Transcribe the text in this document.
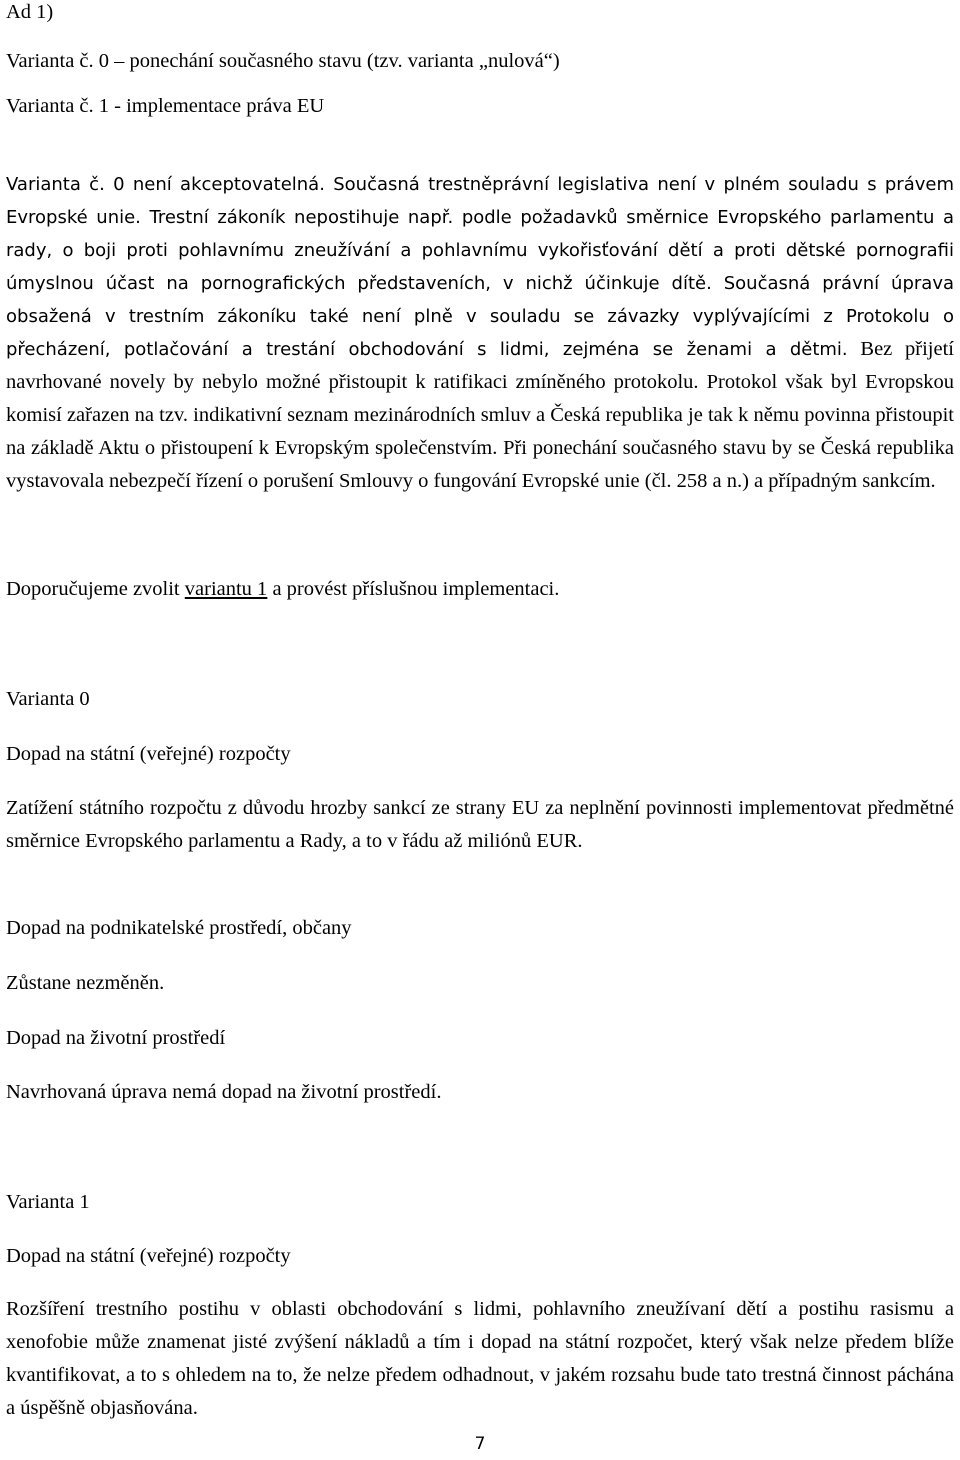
Ad 1)

Varianta č. 0 – ponechání současného stavu (tzv. varianta „nulová“)

Varianta č. 1 - implementace práva EU

Varianta č. 0 není akceptovatelná. Současná trestněprávní legislativa není v plném souladu s právem Evropské unie. Trestní zákoník nepostihuje např. podle požadavků směrnice Evropského parlamentu a rady, o boji proti pohlavnímu zneužívání a pohlavnímu vykořisťování dětí a proti dětské pornografii úmyslnou účast na pornografických představeních, v nichž účinkuje dítě. Současná právní úprava obsažená v trestním zákoníku také není plně v souladu se závazky vyplývajícími z Protokolu o přecházení, potlačování a trestání obchodování s lidmi, zejména se ženami a dětmi. Bez přijetí navrhované novely by nebylo možné přistoupit k ratifikaci zmíněného protokolu. Protokol však byl Evropskou komisí zařazen na tzv. indikativní seznam mezinárodních smluv a Česká republika je tak k němu povinna přistoupit na základě Aktu o přistoupení k Evropským společenstvím. Při ponechání současného stavu by se Česká republika vystavovala nebezpečí řízení o porušení Smlouvy o fungování Evropské unie (čl. 258 a n.) a případným sankcím.

Doporučujeme zvolit variantu 1 a provést příslušnou implementaci.

Varianta 0

Dopad na státní (veřejné) rozpočty

Zatížení státního rozpočtu z důvodu hrozby sankcí ze strany EU za neplnění povinnosti implementovat předmětné směrnice Evropského parlamentu a Rady, a to v řádu až miliónů EUR.

Dopad na podnikatelské prostředí, občany

Zůstane nezměněn.

Dopad na životní prostředí

Navrhovaná úprava nemá dopad na životní prostředí.

Varianta 1

Dopad na státní (veřejné) rozpočty

Rozšíření trestního postihu v oblasti obchodování s lidmi, pohlavního zneužívaní dětí a postihu rasismu a xenofobie může znamenat jisté zvýšení nákladů a tím i dopad na státní rozpočet, který však nelze předem blíže kvantifikovat, a to s ohledem na to, že nelze předem odhadnout, v jakém rozsahu bude tato trestná činnost páchána a úspěšně objasňována.

7
